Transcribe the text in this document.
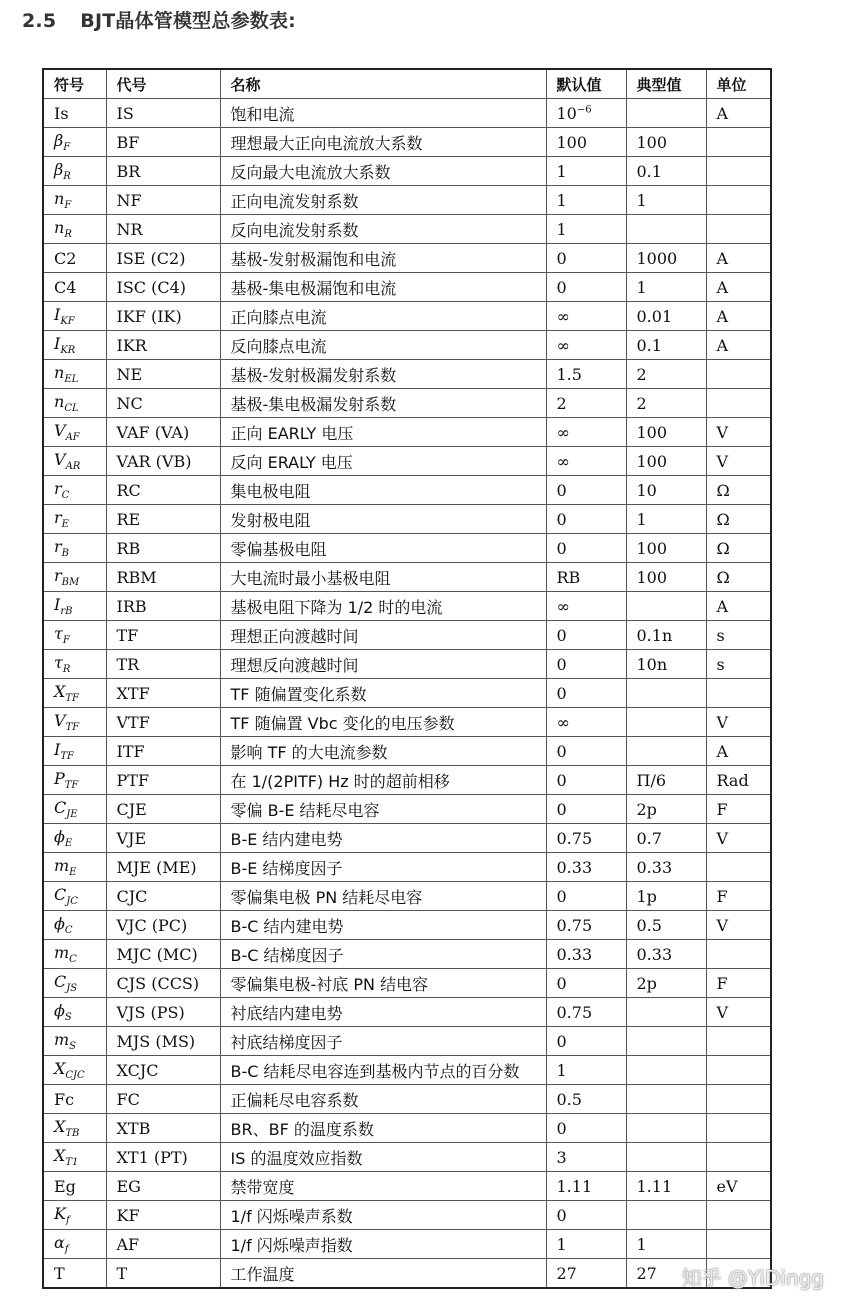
2.5 BJT晶体管模型总参数表:
符号	代号	名称	默认值	典型值	单位
Is	IS	饱和电流	$10^{-6}$		A
$\beta_F$	BF	理想最大正向电流放大系数	100	100	
$\beta_R$	BR	反向最大电流放大系数	1	0.1	
$n_F$	NF	正向电流发射系数	1	1	
$n_R$	NR	反向电流发射系数	1		
C2	ISE (C2)	基极-发射极漏饱和电流	0	1000	A
C4	ISC (C4)	基极-集电极漏饱和电流	0	1	A
$I_{KF}$	IKF (IK)	正向膝点电流	∞	0.01	A
$I_{KR}$	IKR	反向膝点电流	∞	0.1	A
$n_{EL}$	NE	基极-发射极漏发射系数	1.5	2	
$n_{CL}$	NC	基极-集电极漏发射系数	2	2	
$V_{AF}$	VAF (VA)	正向 EARLY 电压	∞	100	V
$V_{AR}$	VAR (VB)	反向 ERALY 电压	∞	100	V
$r_C$	RC	集电极电阻	0	10	Ω
$r_E$	RE	发射极电阻	0	1	Ω
$r_B$	RB	零偏基极电阻	0	100	Ω
$r_{BM}$	RBM	大电流时最小基极电阻	RB	100	Ω
$I_{rB}$	IRB	基极电阻下降为 1/2 时的电流	∞		A
$\tau_F$	TF	理想正向渡越时间	0	0.1n	s
$\tau_R$	TR	理想反向渡越时间	0	10n	s
$X_{TF}$	XTF	TF 随偏置变化系数	0		
$V_{TF}$	VTF	TF 随偏置 Vbc 变化的电压参数	∞		V
$I_{TF}$	ITF	影响 TF 的大电流参数	0		A
$P_{TF}$	PTF	在 1/(2PITF) Hz 时的超前相移	0	Π/6	Rad
$C_{JE}$	CJE	零偏 B-E 结耗尽电容	0	2p	F
$\phi_E$	VJE	B-E 结内建电势	0.75	0.7	V
$m_E$	MJE (ME)	B-E 结梯度因子	0.33	0.33	
$C_{JC}$	CJC	零偏集电极 PN 结耗尽电容	0	1p	F
$\phi_C$	VJC (PC)	B-C 结内建电势	0.75	0.5	V
$m_C$	MJC (MC)	B-C 结梯度因子	0.33	0.33	
$C_{JS}$	CJS (CCS)	零偏集电极-衬底 PN 结电容	0	2p	F
$\phi_S$	VJS (PS)	衬底结内建电势	0.75		V
$m_S$	MJS (MS)	衬底结梯度因子	0		
$X_{CJC}$	XCJC	B-C 结耗尽电容连到基极内节点的百分数	1		
Fc	FC	正偏耗尽电容系数	0.5		
$X_{TB}$	XTB	BR、BF 的温度系数	0		
$X_{T1}$	XT1 (PT)	IS 的温度效应指数	3		
Eg	EG	禁带宽度	1.11	1.11	eV
$K_f$	KF	1/f 闪烁噪声系数	0		
$\alpha_f$	AF	1/f 闪烁噪声指数	1	1	
T	T	工作温度	27	27	知乎 @YiDingg
